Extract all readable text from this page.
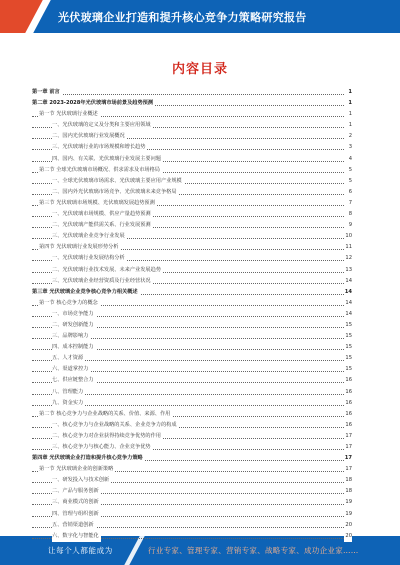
光伏玻璃企业打造和提升核心竞争力策略研究报告
内容目录
第一章 前言	1
第二章 2023-2028年光伏玻璃市场前景及趋势预测	1
第一节 光伏玻璃行业概述	1
一、光伏玻璃的定义及分类和主要应用领域	1
二、国内光伏玻璃行业发展概况	2
三、光伏玻璃行业的市场规模和增长趋势	3
四、国内、有关联、光伏玻璃行业发展主要问题	4
第二节 全球光伏玻璃市场概况、供求需求及市场格局	5
一、全球光伏玻璃市场需求、光伏玻璃主要应用产业规模	5
二、国内外光伏玻璃市场竞争、光伏玻璃未来竞争格局	6
第三节 光伏玻璃市场规模、光伏玻璃发展趋势预测	7
一、光伏玻璃市场规模、供应产量趋势预测	8
二、光伏玻璃产能供需关系、行业发展预测	9
三、光伏玻璃企业竞争行业发展	10
第四节 光伏玻璃行业发展形势分析	11
一、光伏玻璃行业发展结构分析	12
二、光伏玻璃行业技术发展、未来产业发展趋势	13
三、光伏玻璃企业经营资质及行业经营状况	14
第三章 光伏玻璃企业竞争核心竞争力相关概述	14
第一节 核心竞争力的概念	14
一、市场竞争能力	14
二、研发创新能力	15
三、品牌影响力	15
四、成本控制能力	15
五、人才资源	15
六、渠道掌控力	15
七、供应链整合力	16
八、管理能力	16
九、资金实力	16
第二节 核心竞争力与企业战略的关系、价值、来源、作用	16
一、核心竞争力与企业战略的关系、企业竞争力的构成	16
二、核心竞争力对企业获得持续竞争优势的作用	17
三、核心竞争力与核心能力、企业竞争优势	17
第四章 光伏玻璃企业打造和提升核心竞争力策略	17
第一节 光伏玻璃企业的创新策略	17
一、研发投入与技术创新	18
二、产品与服务创新	18
三、商业模式的创新	19
四、管理与组织创新	19
五、营销渠道创新	20
六、数字化与智能化	20
让每个人都能成为	行业专家、管理专家、营销专家、战略专家、成功企业家……
